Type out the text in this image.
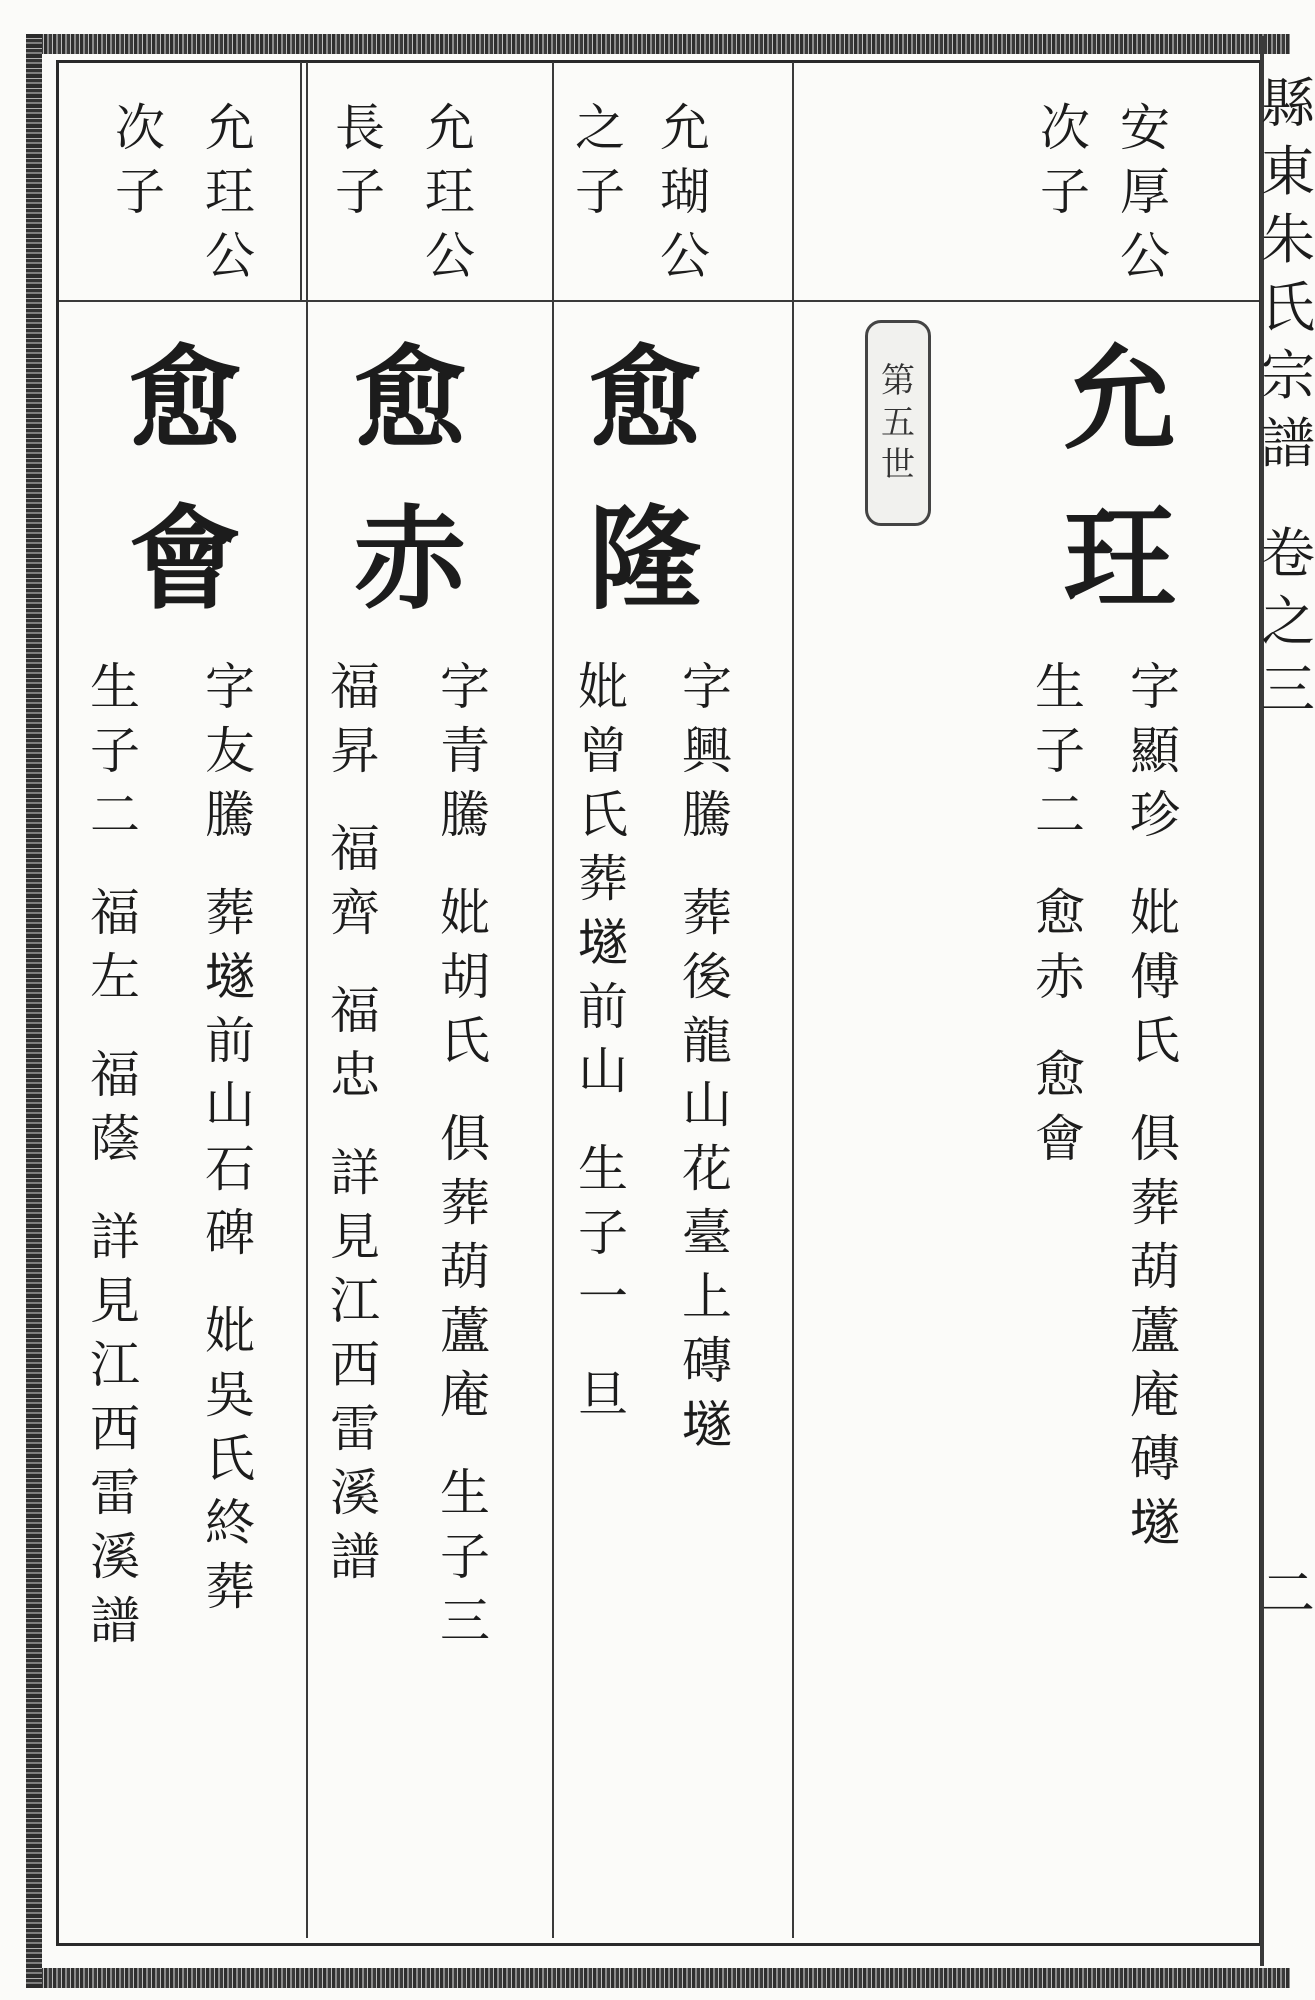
縣
東
朱
氏
宗
譜
卷
之
三
二
安
厚
公
次
子
允
瑚
公
之
子
允
玨
公
長
子
允
玨
公
次
子
第
五
世 允
玨
字
顯
珍
妣
傅
氏
俱
葬
葫
蘆
庵
磚
𡑞
生
子
二
愈
赤
愈
會
愈
隆
字
興
騰
葬
後
龍
山
花
臺
上
磚
𡑞
妣
曾
氏
葬
𡑞
前
山
生
子
一
旦
愈
赤
字
青
騰
妣
胡
氏
俱
葬
葫
蘆
庵
生
子
三
福
昇
福
齊
福
忠
詳
見
江
西
雷
溪
譜
愈
會
字
友
騰
葬
𡑞
前
山
石
碑
妣
吳
氏
終
葬
生
子
二
福
左
福
蔭
詳
見
江
西
雷
溪
譜
